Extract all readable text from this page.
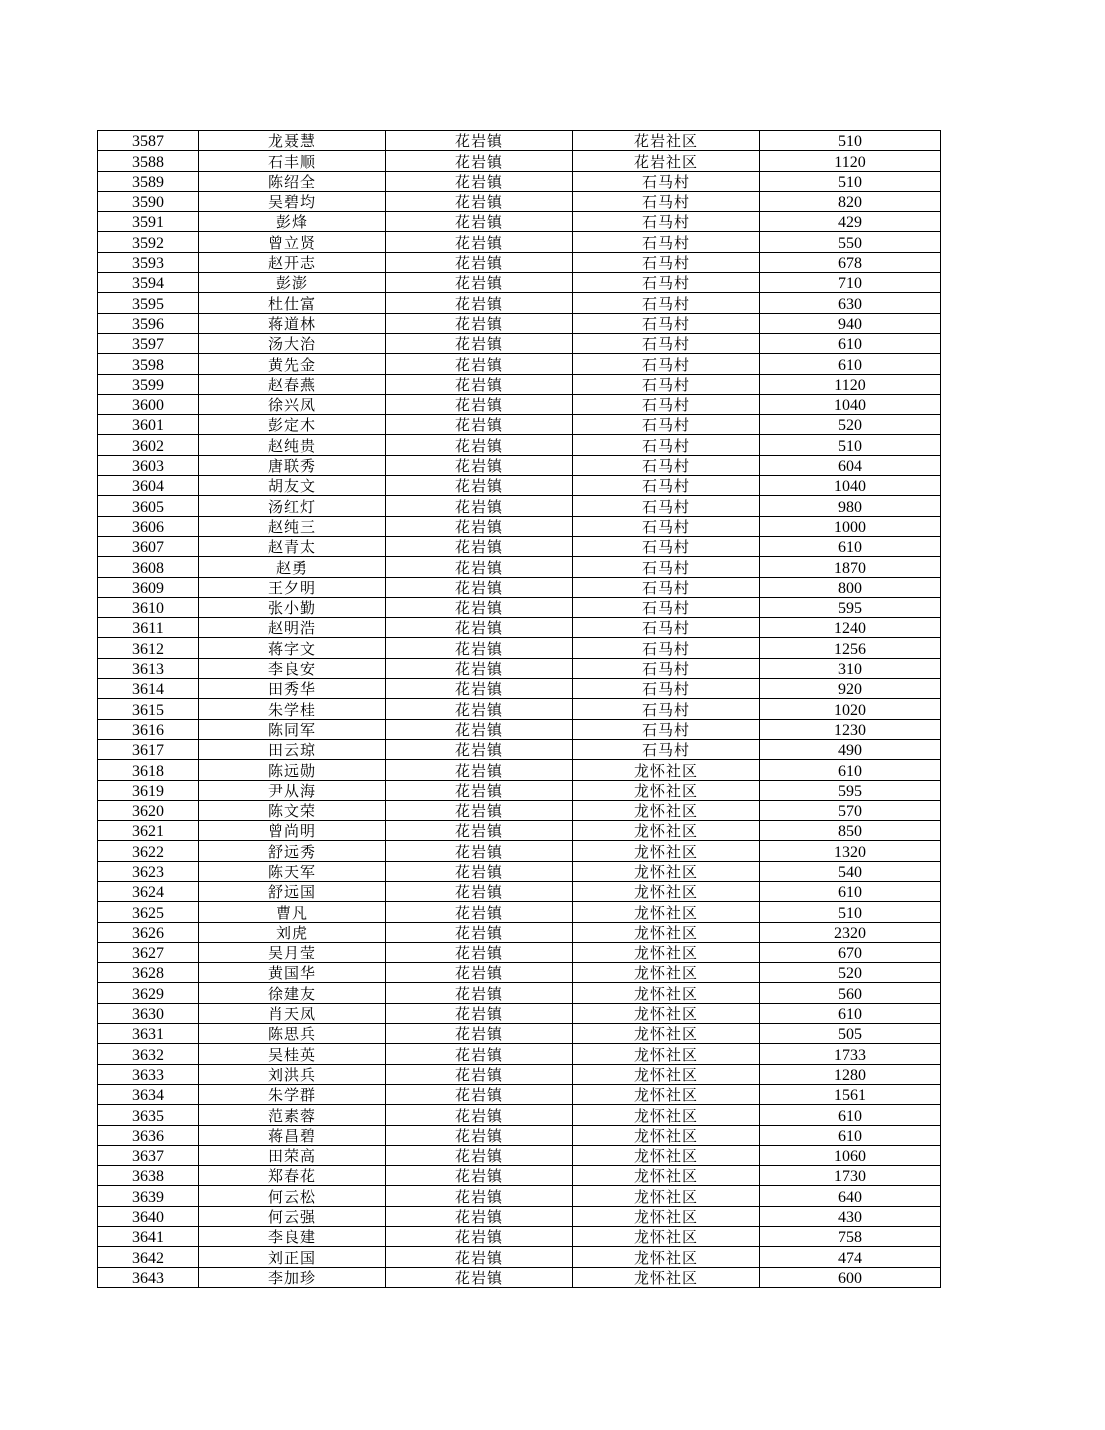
3587	龙聂慧	花岩镇	花岩社区	510
3588	石丰顺	花岩镇	花岩社区	1120
3589	陈绍全	花岩镇	石马村	510
3590	吴碧均	花岩镇	石马村	820
3591	彭烽	花岩镇	石马村	429
3592	曾立贤	花岩镇	石马村	550
3593	赵开志	花岩镇	石马村	678
3594	彭澎	花岩镇	石马村	710
3595	杜仕富	花岩镇	石马村	630
3596	蒋道林	花岩镇	石马村	940
3597	汤大治	花岩镇	石马村	610
3598	黄先金	花岩镇	石马村	610
3599	赵春燕	花岩镇	石马村	1120
3600	徐兴凤	花岩镇	石马村	1040
3601	彭定木	花岩镇	石马村	520
3602	赵纯贵	花岩镇	石马村	510
3603	唐联秀	花岩镇	石马村	604
3604	胡友文	花岩镇	石马村	1040
3605	汤红灯	花岩镇	石马村	980
3606	赵纯三	花岩镇	石马村	1000
3607	赵青太	花岩镇	石马村	610
3608	赵勇	花岩镇	石马村	1870
3609	王夕明	花岩镇	石马村	800
3610	张小勤	花岩镇	石马村	595
3611	赵明浩	花岩镇	石马村	1240
3612	蒋字文	花岩镇	石马村	1256
3613	李良安	花岩镇	石马村	310
3614	田秀华	花岩镇	石马村	920
3615	朱学桂	花岩镇	石马村	1020
3616	陈同军	花岩镇	石马村	1230
3617	田云琼	花岩镇	石马村	490
3618	陈远勋	花岩镇	龙怀社区	610
3619	尹从海	花岩镇	龙怀社区	595
3620	陈文荣	花岩镇	龙怀社区	570
3621	曾尚明	花岩镇	龙怀社区	850
3622	舒远秀	花岩镇	龙怀社区	1320
3623	陈天军	花岩镇	龙怀社区	540
3624	舒远国	花岩镇	龙怀社区	610
3625	曹凡	花岩镇	龙怀社区	510
3626	刘虎	花岩镇	龙怀社区	2320
3627	吴月莹	花岩镇	龙怀社区	670
3628	黄国华	花岩镇	龙怀社区	520
3629	徐建友	花岩镇	龙怀社区	560
3630	肖天凤	花岩镇	龙怀社区	610
3631	陈思兵	花岩镇	龙怀社区	505
3632	吴桂英	花岩镇	龙怀社区	1733
3633	刘洪兵	花岩镇	龙怀社区	1280
3634	朱学群	花岩镇	龙怀社区	1561
3635	范素蓉	花岩镇	龙怀社区	610
3636	蒋昌碧	花岩镇	龙怀社区	610
3637	田荣高	花岩镇	龙怀社区	1060
3638	郑春花	花岩镇	龙怀社区	1730
3639	何云松	花岩镇	龙怀社区	640
3640	何云强	花岩镇	龙怀社区	430
3641	李良建	花岩镇	龙怀社区	758
3642	刘正国	花岩镇	龙怀社区	474
3643	李加珍	花岩镇	龙怀社区	600
